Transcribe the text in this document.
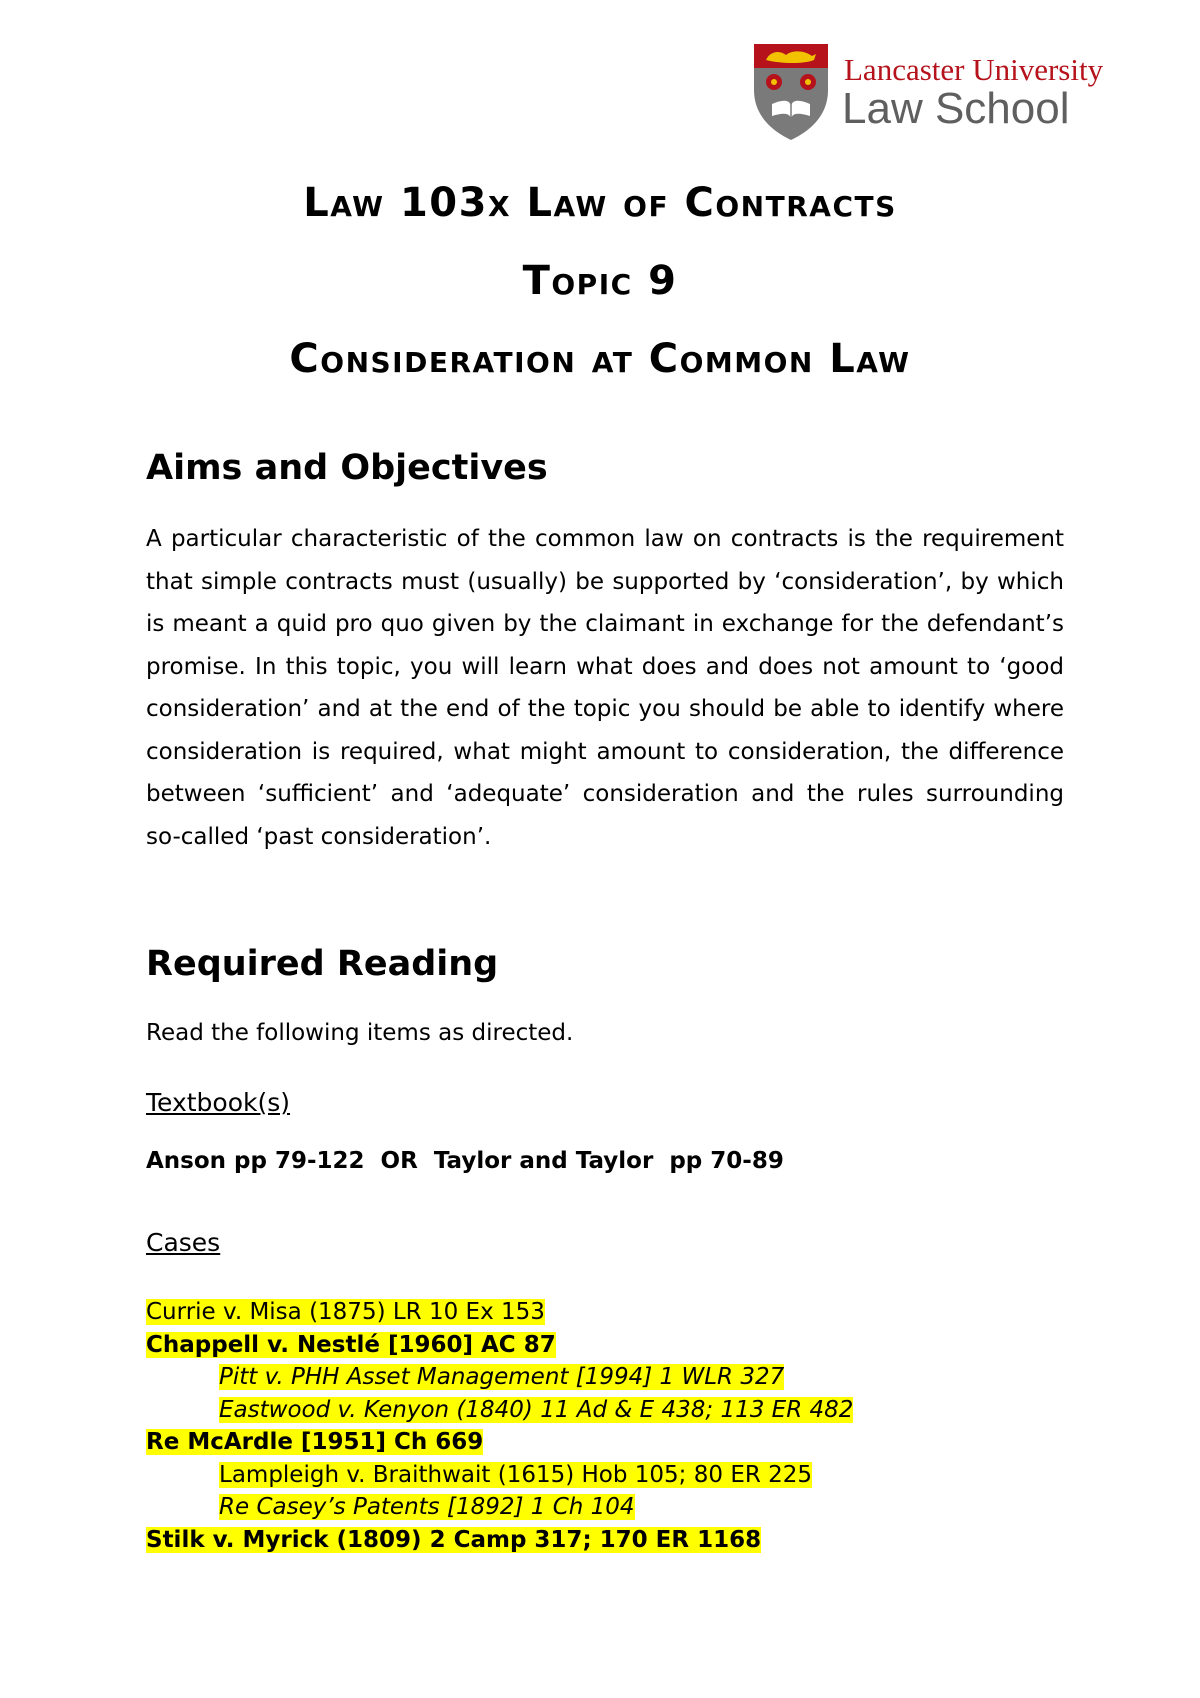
Lancaster University
Law School
Law 103x Law of Contracts
Topic 9
Consideration at Common Law
Aims and Objectives
A particular characteristic of the common law on contracts is the requirement that simple contracts must (usually) be supported by ‘consideration’, by which is meant a quid pro quo given by the claimant in exchange for the defendant’s promise. In this topic, you will learn what does and does not amount to ‘good consideration’ and at the end of the topic you should be able to identify where consideration is required, what might amount to consideration, the difference between ‘sufficient’ and ‘adequate’ consideration and the rules surrounding so-called ‘past consideration’.
Required Reading
Read the following items as directed.
Textbook(s)
Anson pp 79-122  OR  Taylor and Taylor  pp 70-89
Cases
Currie v. Misa (1875) LR 10 Ex 153
Chappell v. Nestlé [1960] AC 87
Pitt v. PHH Asset Management [1994] 1 WLR 327
Eastwood v. Kenyon (1840) 11 Ad & E 438; 113 ER 482
Re McArdle [1951] Ch 669
Lampleigh v. Braithwait (1615) Hob 105; 80 ER 225
Re Casey’s Patents [1892] 1 Ch 104
Stilk v. Myrick (1809) 2 Camp 317; 170 ER 1168
